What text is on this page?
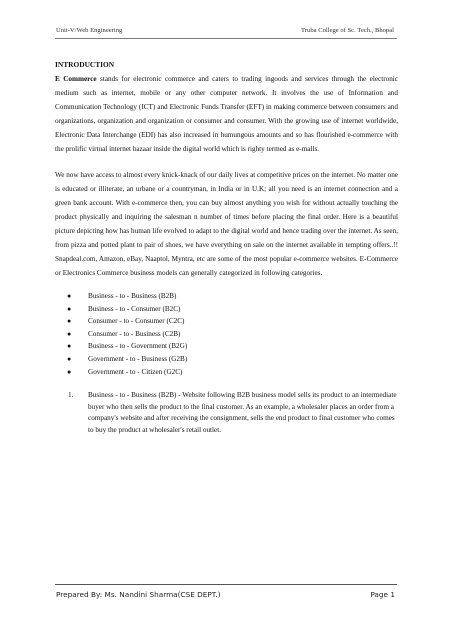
Unit-V/Web Engineering	Truba College of Sc. Tech., Bhopal

INTRODUCTION

E Commerce stands for electronic commerce and caters to trading ingoods and services through the electronic medium such as internet, mobile or any other computer network. It involves the use of Information and Communication Technology (ICT) and Electronic Funds Transfer (EFT) in making commerce between consumers and organizations, organization and organization or consumer and consumer. With the growing use of internet worldwide, Electronic Data Interchange (EDI) has also increased in humungous amounts and so has flourished e-commerce with the prolific virtual internet bazaar inside the digital world which is righty termed as e-malls.

We now have access to almost every knick-knack of our daily lives at competitive prices on the internet. No matter one is educated or illiterate, an urbane or a countryman, in India or in U.K; all you need is an internet connection and a green bank account. With e-commerce then, you can buy almost anything you wish for without actually touching the product physically and inquiring the salesman n number of times before placing the final order. Here is a beautiful picture depicting how has human life evolved to adapt to the digital world and hence trading over the internet. As seen, from pizza and potted plant to pair of shoes, we have everything on sale on the internet available in tempting offers..!! Snapdeal.com, Amazon, eBay, Naaptol, Myntra, etc are some of the most popular e-commerce websites. E-Commerce or Electronics Commerce business models can generally categorized in following categories.

● Business - to - Business (B2B)
● Business - to - Consumer (B2C)
● Consumer - to - Consumer (C2C)
● Consumer - to - Business (C2B)
● Business - to - Government (B2G)
● Government - to - Business (G2B)
● Government - to - Citizen (G2C)
1. Business - to - Business (B2B) - Website following B2B business model sells its product to an intermediate buyer who then sells the product to the final customer. As an example, a wholesaler places an order from a company's website and after receiving the consignment, sells the end product to final customer who comes to buy the product at wholesaler's retail outlet.
Prepared By: Ms. Nandini Sharma(CSE DEPT.)	Page 1
